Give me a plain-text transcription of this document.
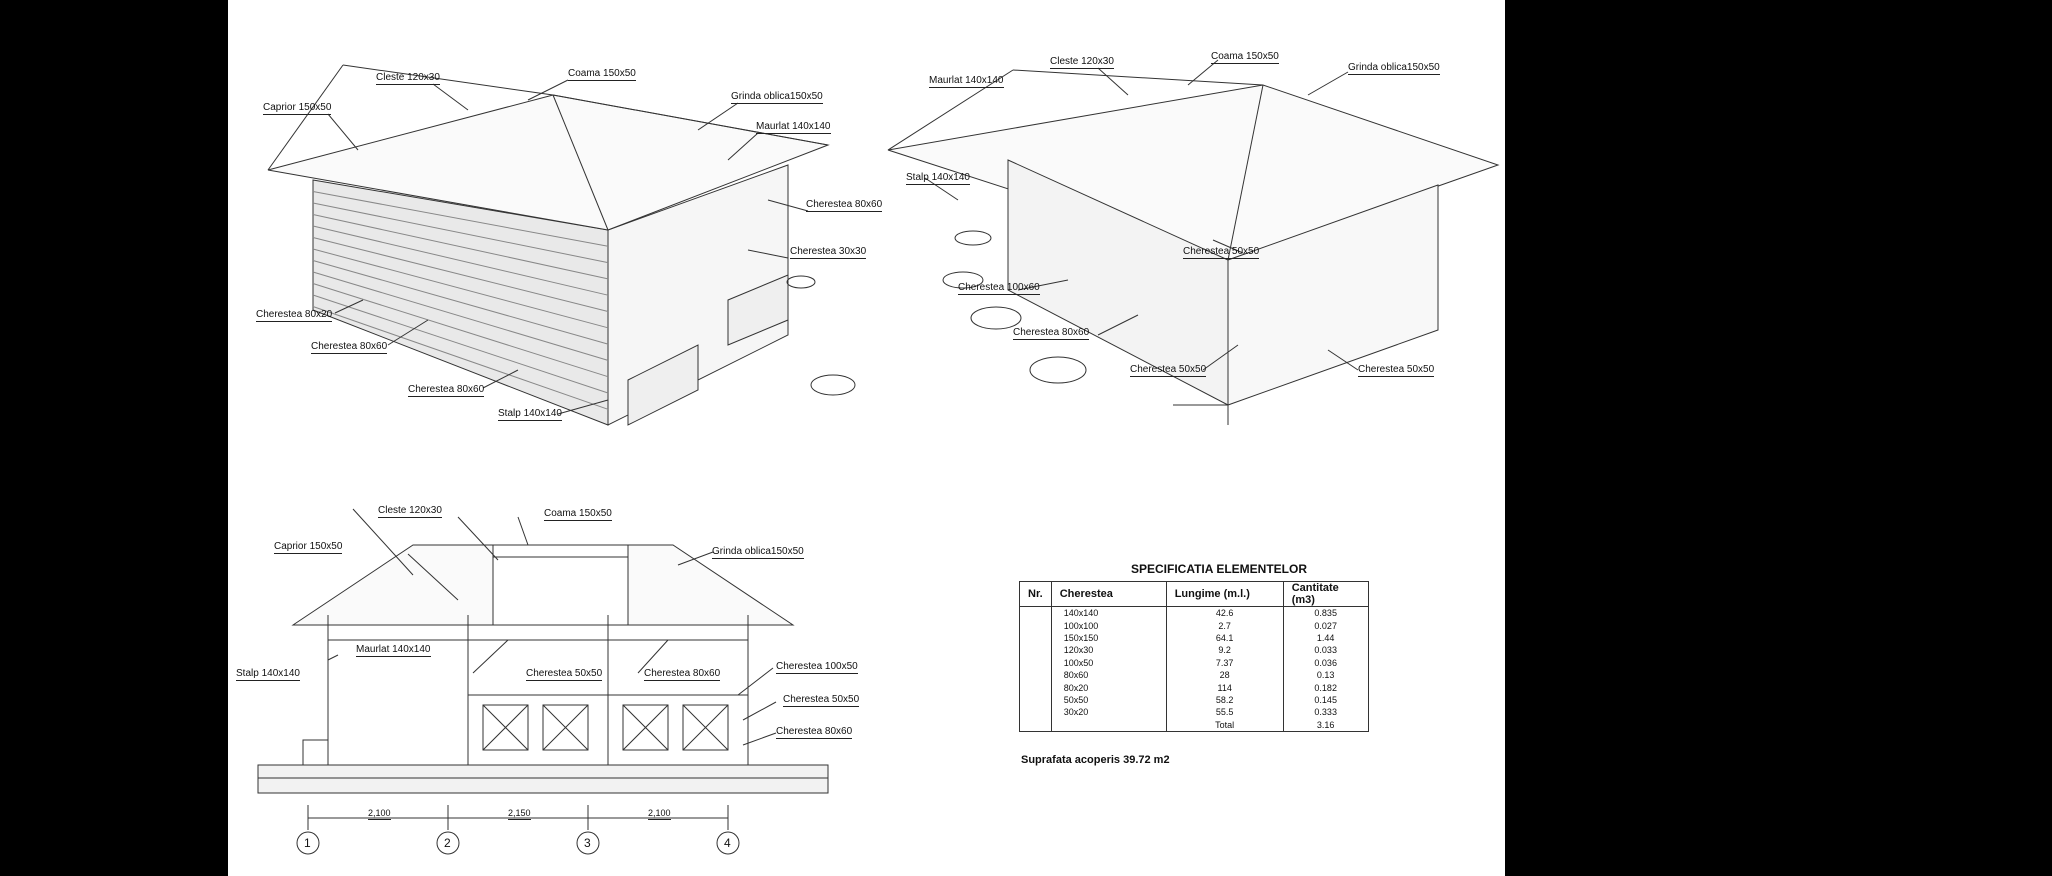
Caprior 150x50
Cleste 120x30	Coama 150x50
Grinda oblica150x50
Maurlat 140x140
Cherestea 80x60
Cherestea 30x30
Cherestea 80x20
Cherestea 80x60
Cherestea 80x60
Stalp 140x140
Maurlat 140x140
Cleste 120x30	Coama 150x50
Grinda oblica150x50
Stalp 140x140
Cherestea 50x50
Cherestea 100x60
Cherestea 80x60
Cherestea 50x50	Cherestea 50x50
Cleste 120x30	Coama 150x50
Caprior 150x50	Grinda oblica150x50
Maurlat 140x140
Stalp 140x140	Cherestea 50x50	Cherestea 80x60
Cherestea 100x50
Cherestea 50x50
Cherestea 80x60
2,100	2,150	2,100
1	2	3	4
SPECIFICATIA ELEMENTELOR
Nr.	Cherestea	Lungime (m.l.)	Cantitate (m3)
	140x140	42.6	0.835
	100x100	2.7	0.027
	150x150	64.1	1.44
	120x30	9.2	0.033
	100x50	7.37	0.036
	80x60	28	0.13
	80x20	114	0.182
	50x50	58.2	0.145
	30x20	55.5	0.333
		Total	3.16
Suprafata acoperis 39.72 m2
